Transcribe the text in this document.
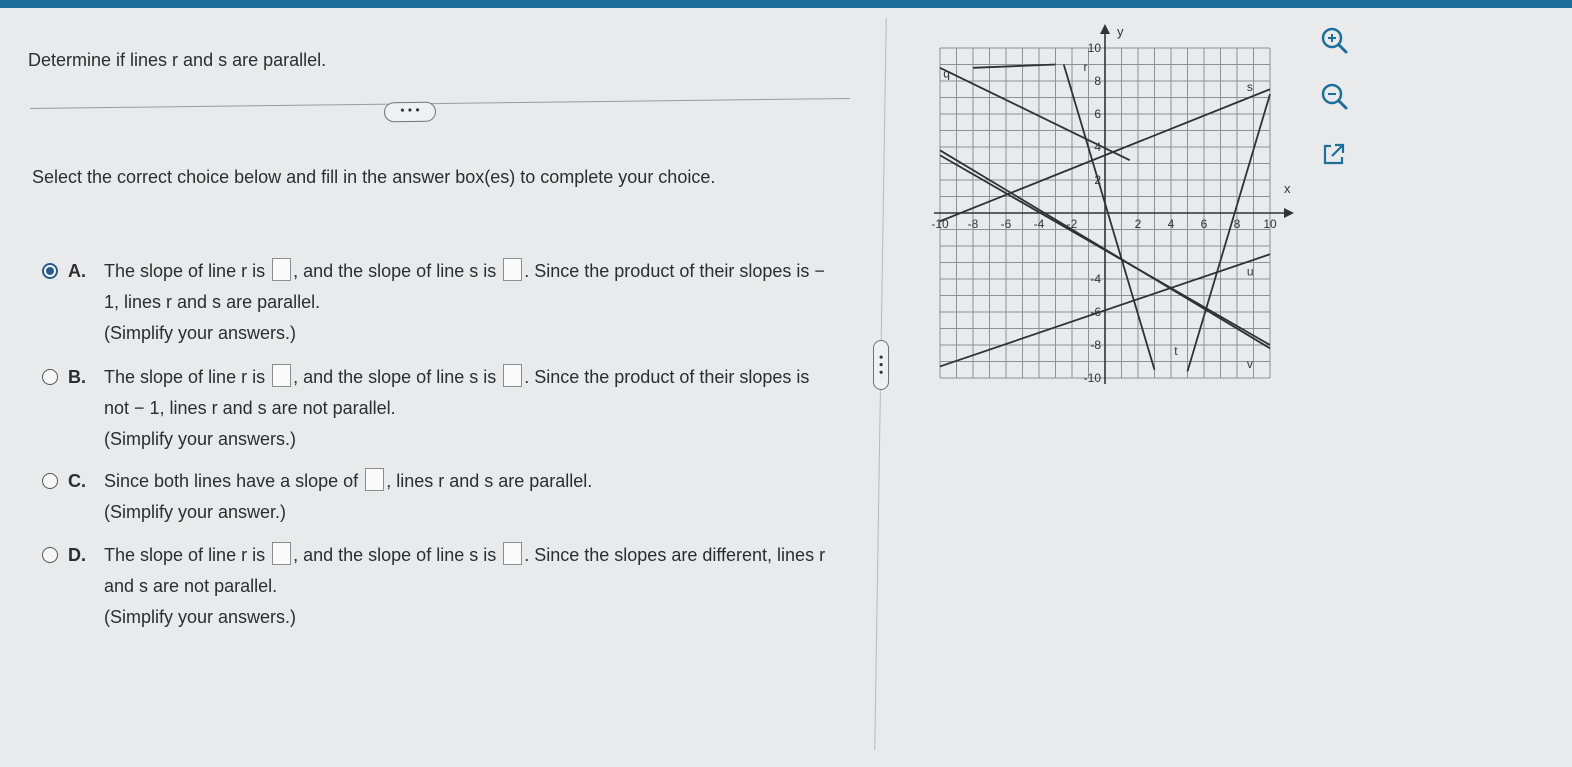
Determine if lines r and s are parallel.
• • •
Select the correct choice below and fill in the answer box(es) to complete your choice.
A. The slope of line r is , and the slope of line s is . Since the product of their slopes is − 1, lines r and s are parallel.
(Simplify your answers.)
B. The slope of line r is , and the slope of line s is . Since the product of their slopes is not − 1, lines r and s are not parallel.
(Simplify your answers.)
C. Since both lines have a slope of , lines r and s are parallel.
(Simplify your answer.)
D. The slope of line r is , and the slope of line s is . Since the slopes are different, lines r and s are not parallel.
(Simplify your answers.)
• • •
-10 -8 -6 -4 -2	2 4 6 8 10
10
8
6
4
2
-4
-6
-8
-10
x
y
q	r
s
t
u
v
